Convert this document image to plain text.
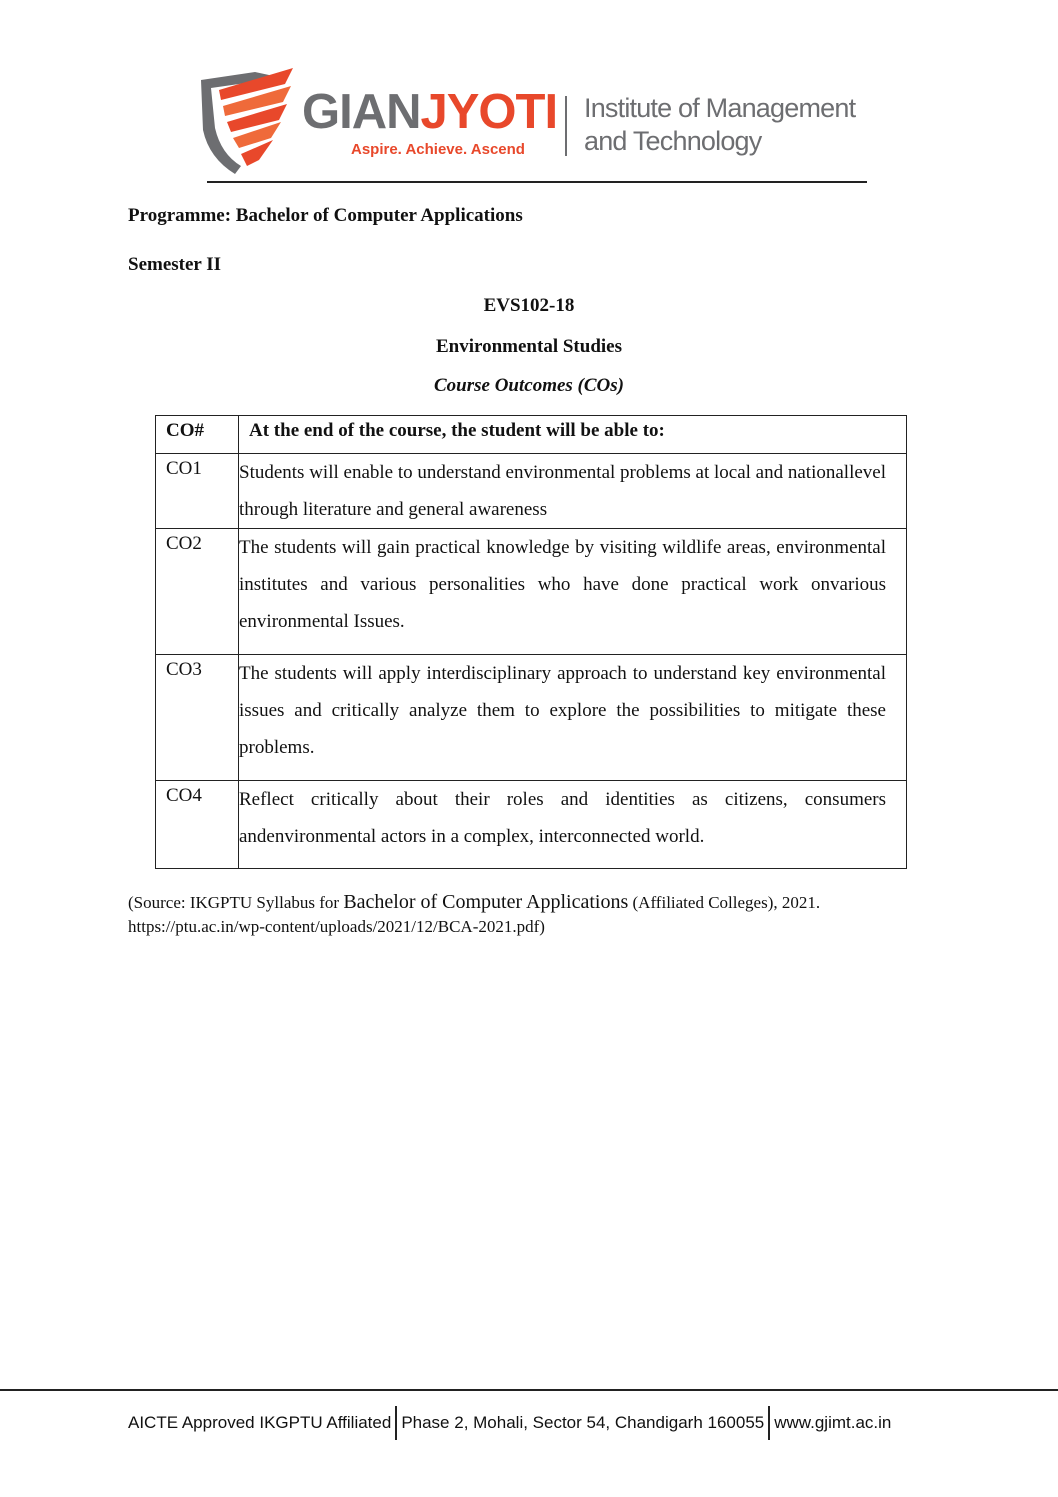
GIANJYOTI
Aspire. Achieve. Ascend
Institute of Management
and Technology
Programme: Bachelor of Computer Applications
Semester II
EVS102-18
Environmental Studies
Course Outcomes (COs)
CO#	At the end of the course, the student will be able to:
CO1	Students will enable to understand environmental problems at local and nationallevel through literature and general awareness
CO2	The students will gain practical knowledge by visiting wildlife areas, environmental institutes and various personalities who have done practical work onvarious environmental Issues.
CO3	The students will apply interdisciplinary approach to understand key environmental issues and critically analyze them to explore the possibilities to mitigate these problems.
CO4	Reflect critically about their roles and identities as citizens, consumers andenvironmental actors in a complex, interconnected world.
(Source: IKGPTU Syllabus for Bachelor of Computer Applications (Affiliated Colleges), 2021.
https://ptu.ac.in/wp-content/uploads/2021/12/BCA-2021.pdf)
AICTE Approved IKGPTU Affiliated Phase 2, Mohali, Sector 54, Chandigarh 160055 www.gjimt.ac.in
